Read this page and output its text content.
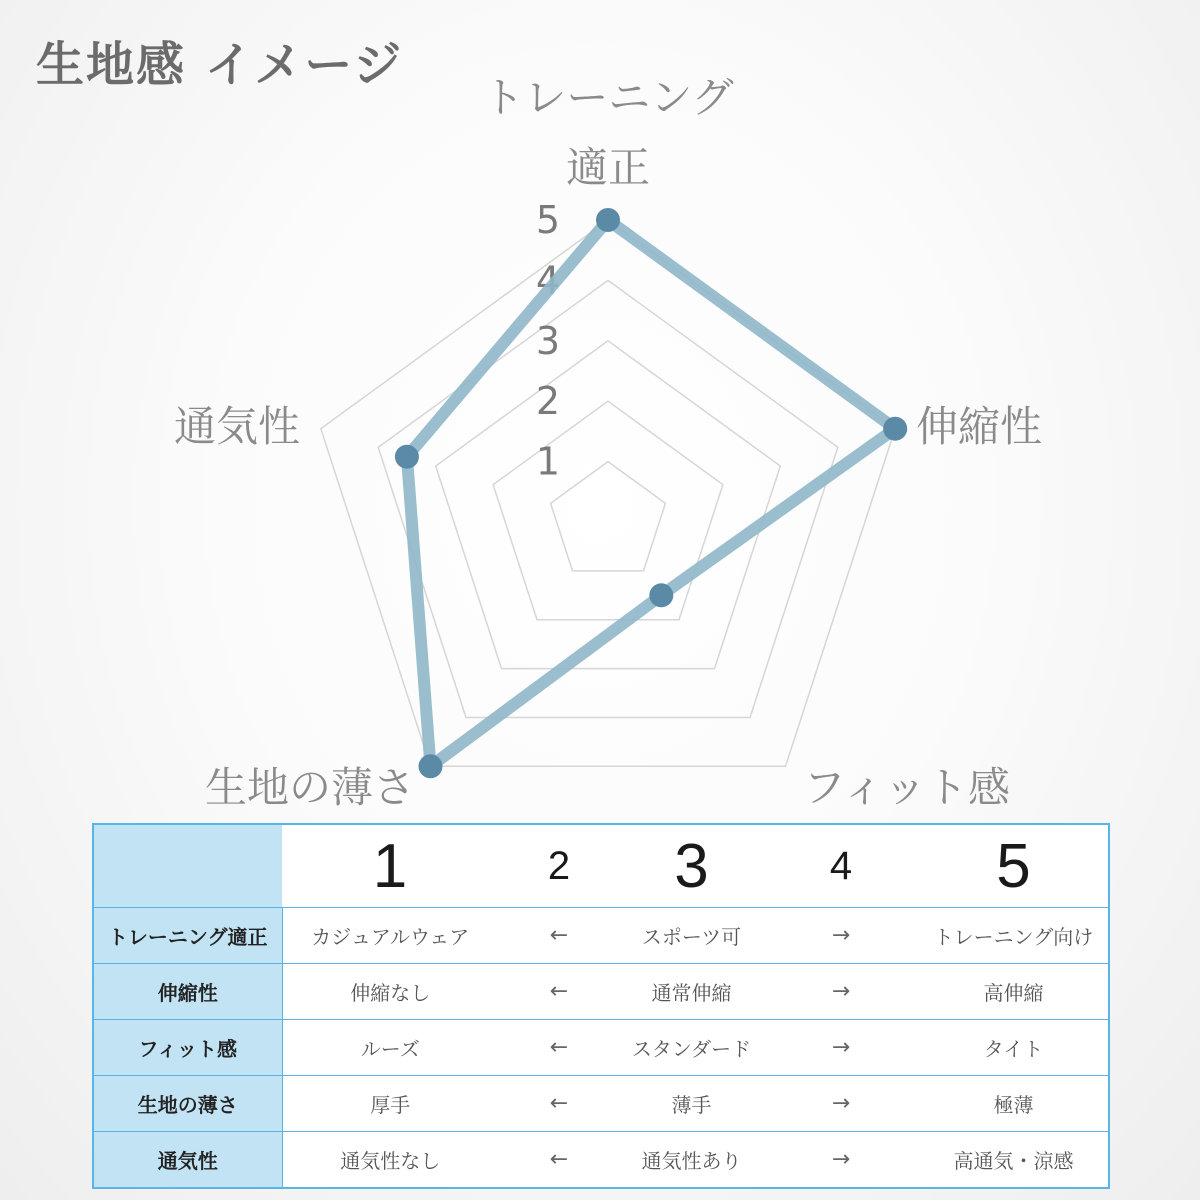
生地感 イメージ
1
2
3
4
5
トレーニング
適正
伸縮性
フィット感
生地の薄さ
通気性
	1	2	3	4	5
トレーニング適正	カジュアルウェア	←	スポーツ可	→	トレーニング向け
伸縮性	伸縮なし	←	通常伸縮	→	高伸縮
フィット感	ルーズ	←	スタンダード	→	タイト
生地の薄さ	厚手	←	薄手	→	極薄
通気性	通気性なし	←	通気性あり	→	高通気・涼感
